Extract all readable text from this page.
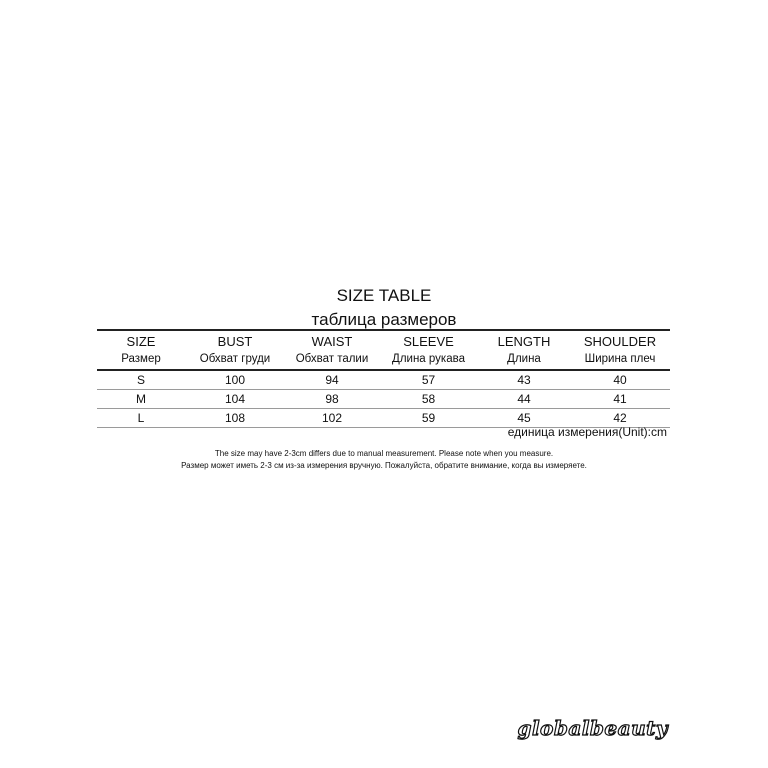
SIZE TABLE
таблица размеров
SIZE	BUST	WAIST	SLEEVE	LENGTH	SHOULDER
Размер	Обхват груди	Обхват талии	Длина рукава	Длина	Ширина плеч
S	100	94	57	43	40
M	104	98	58	44	41
L	108	102	59	45	42
единица измерения(Unit):cm
The size may have 2-3cm differs due to manual measurement. Please note when you measure.
Размер может иметь 2-3 см из-за измерения вручную. Пожалуйста, обратите внимание, когда вы измеряете.
globalbeauty
